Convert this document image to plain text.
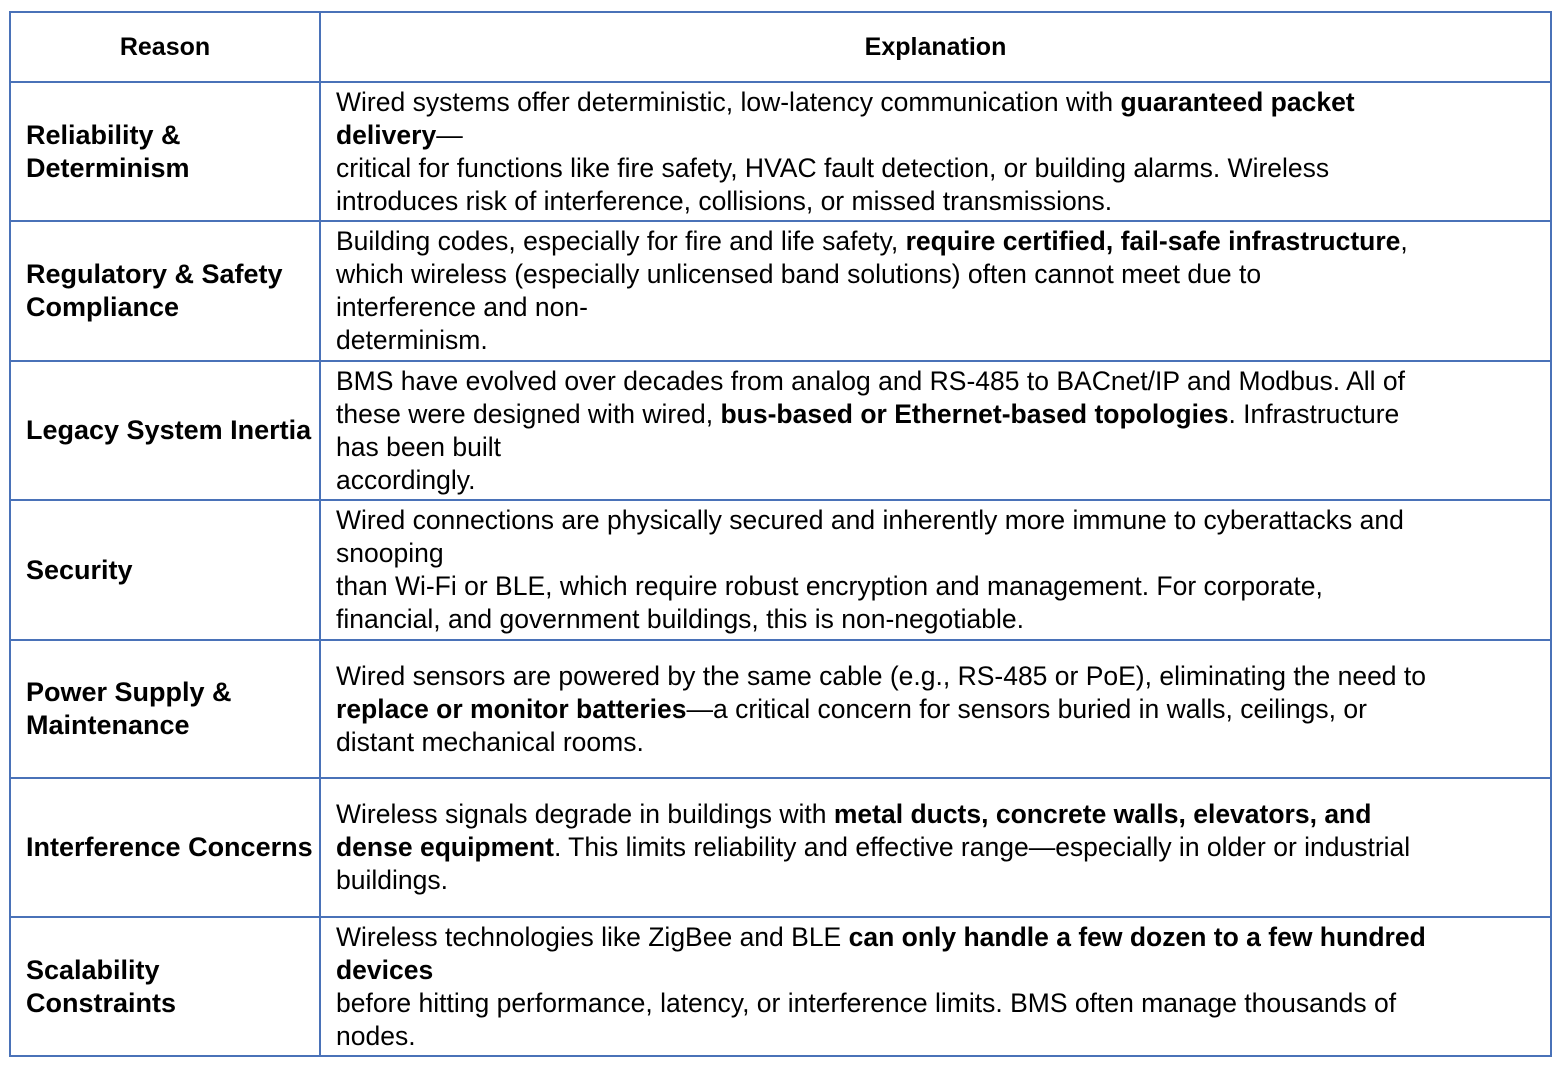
Reason	Explanation
Reliability & Determinism	Wired systems offer deterministic, low-latency communication with guaranteed packet
delivery—
critical for functions like fire safety, HVAC fault detection, or building alarms. Wireless
introduces risk of interference, collisions, or missed transmissions.

Regulatory & Safety Compliance	Building codes, especially for fire and life safety, require certified, fail-safe infrastructure,
which wireless (especially unlicensed band solutions) often cannot meet due to
interference and non-
determinism.

Legacy System Inertia	BMS have evolved over decades from analog and RS-485 to BACnet/IP and Modbus. All of
these were designed with wired, bus-based or Ethernet-based topologies. Infrastructure
has been built
accordingly.

Security	Wired connections are physically secured and inherently more immune to cyberattacks and
snooping
than Wi-Fi or BLE, which require robust encryption and management. For corporate,
financial, and government buildings, this is non-negotiable.

Power Supply & Maintenance	Wired sensors are powered by the same cable (e.g., RS-485 or PoE), eliminating the need to
replace or monitor batteries—a critical concern for sensors buried in walls, ceilings, or
distant mechanical rooms.

Interference Concerns	Wireless signals degrade in buildings with metal ducts, concrete walls, elevators, and
dense equipment. This limits reliability and effective range—especially in older or industrial
buildings.

Scalability Constraints	Wireless technologies like ZigBee and BLE can only handle a few dozen to a few hundred
devices
before hitting performance, latency, or interference limits. BMS often manage thousands of
nodes.
